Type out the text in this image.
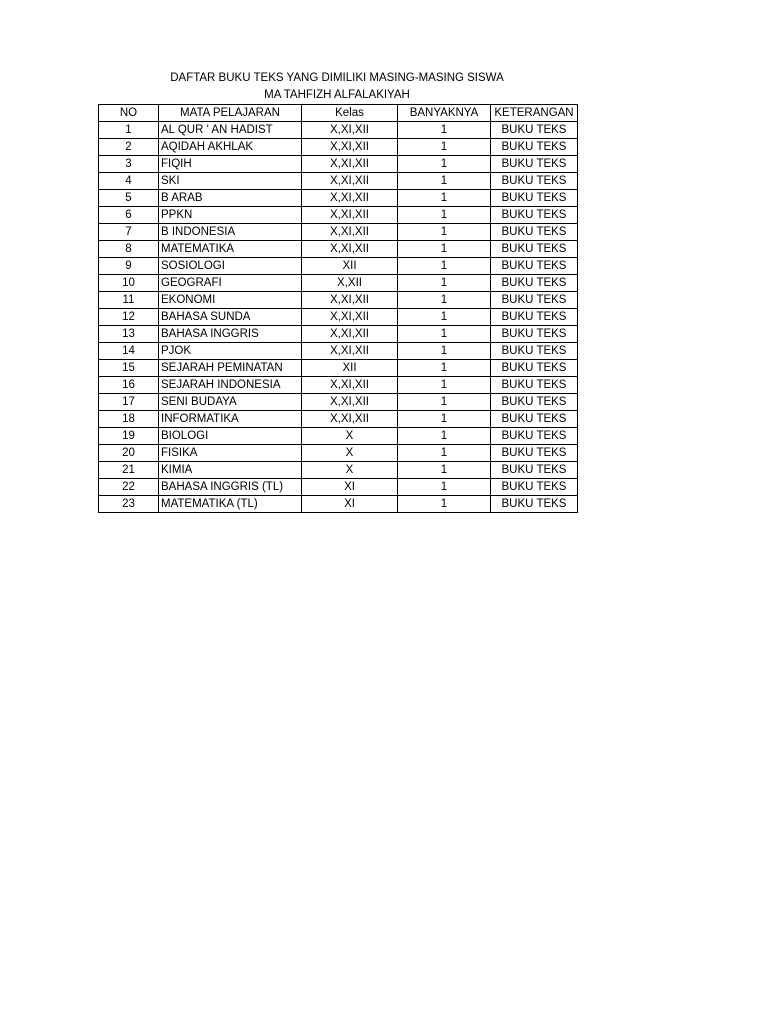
DAFTAR BUKU TEKS YANG DIMILIKI MASING-MASING SISWA
MA TAHFIZH ALFALAKIYAH
NO	MATA PELAJARAN	Kelas	BANYAKNYA	KETERANGAN
1	AL QUR ' AN HADIST	X,XI,XII	1	BUKU TEKS
2	AQIDAH AKHLAK	X,XI,XII	1	BUKU TEKS
3	FIQIH	X,XI,XII	1	BUKU TEKS
4	SKI	X,XI,XII	1	BUKU TEKS
5	B ARAB	X,XI,XII	1	BUKU TEKS
6	PPKN	X,XI,XII	1	BUKU TEKS
7	B INDONESIA	X,XI,XII	1	BUKU TEKS
8	MATEMATIKA	X,XI,XII	1	BUKU TEKS
9	SOSIOLOGI	XII	1	BUKU TEKS
10	GEOGRAFI	X,XII	1	BUKU TEKS
11	EKONOMI	X,XI,XII	1	BUKU TEKS
12	BAHASA SUNDA	X,XI,XII	1	BUKU TEKS
13	BAHASA INGGRIS	X,XI,XII	1	BUKU TEKS
14	PJOK	X,XI,XII	1	BUKU TEKS
15	SEJARAH PEMINATAN	XII	1	BUKU TEKS
16	SEJARAH INDONESIA	X,XI,XII	1	BUKU TEKS
17	SENI BUDAYA	X,XI,XII	1	BUKU TEKS
18	INFORMATIKA	X,XI,XII	1	BUKU TEKS
19	BIOLOGI	X	1	BUKU TEKS
20	FISIKA	X	1	BUKU TEKS
21	KIMIA	X	1	BUKU TEKS
22	BAHASA INGGRIS (TL)	XI	1	BUKU TEKS
23	MATEMATIKA (TL)	XI	1	BUKU TEKS
